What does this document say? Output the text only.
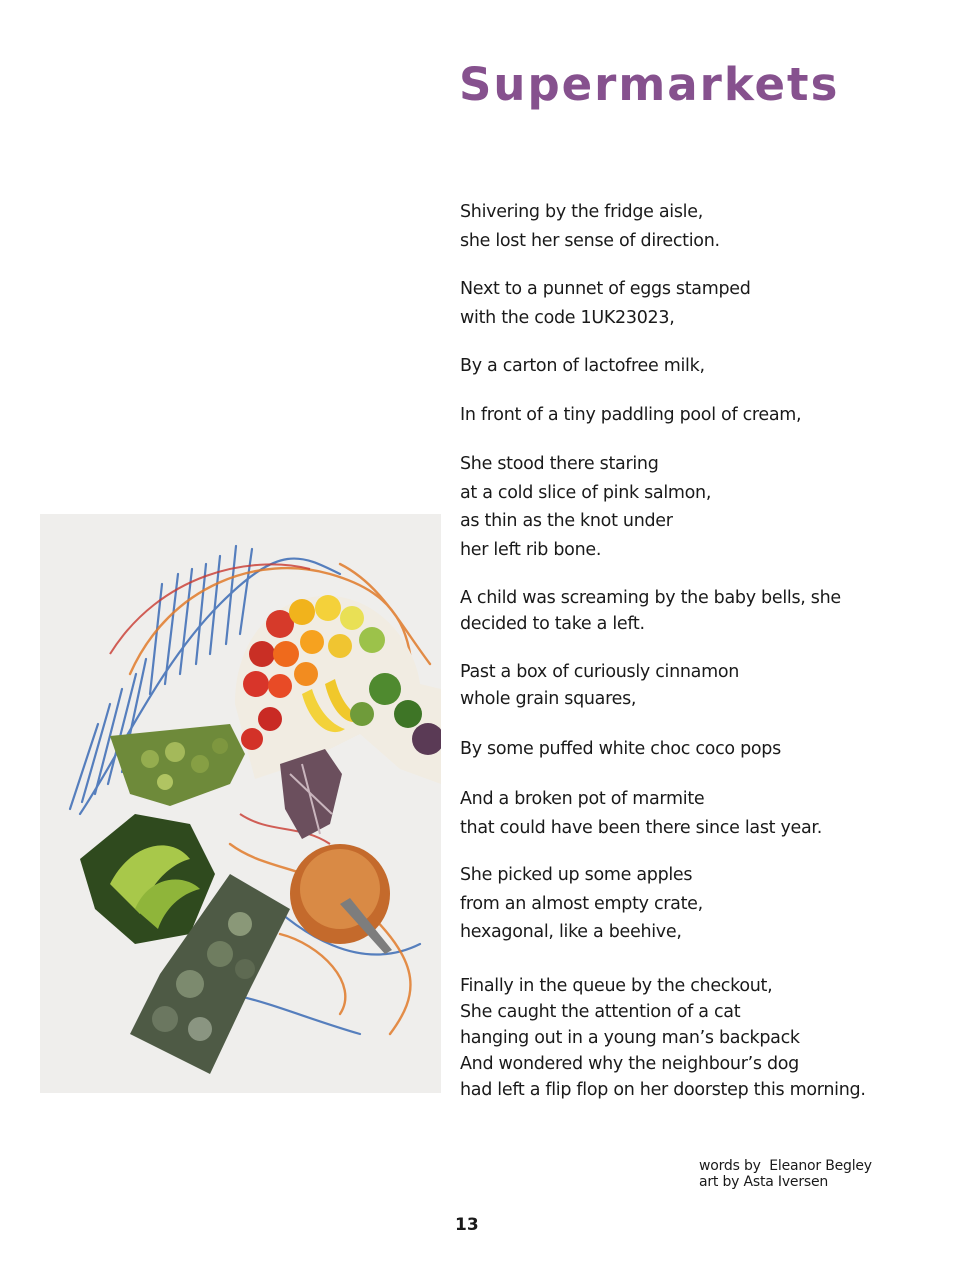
Supermarkets
Shivering by the fridge aisle,
she lost her sense of direction.
Next to a punnet of eggs stamped
with the code 1UK23023,
By a carton of lactofree milk,
In front of a tiny paddling pool of cream,
She stood there staring
at a cold slice of pink salmon,
as thin as the knot under
her left rib bone.
A child was screaming by the baby bells, she
decided to take a left.
Past a box of curiously cinnamon
whole grain squares,
By some puffed white choc coco pops
And a broken pot of marmite
that could have been there since last year.
She picked up some apples
from an almost empty crate,
hexagonal, like a beehive,
Finally in the queue by the checkout,
She caught the attention of a cat
hanging out in a young man’s backpack
And wondered why the neighbour’s dog
had left a flip flop on her doorstep this morning.
words by  Eleanor Begley
art by Asta Iversen
13
